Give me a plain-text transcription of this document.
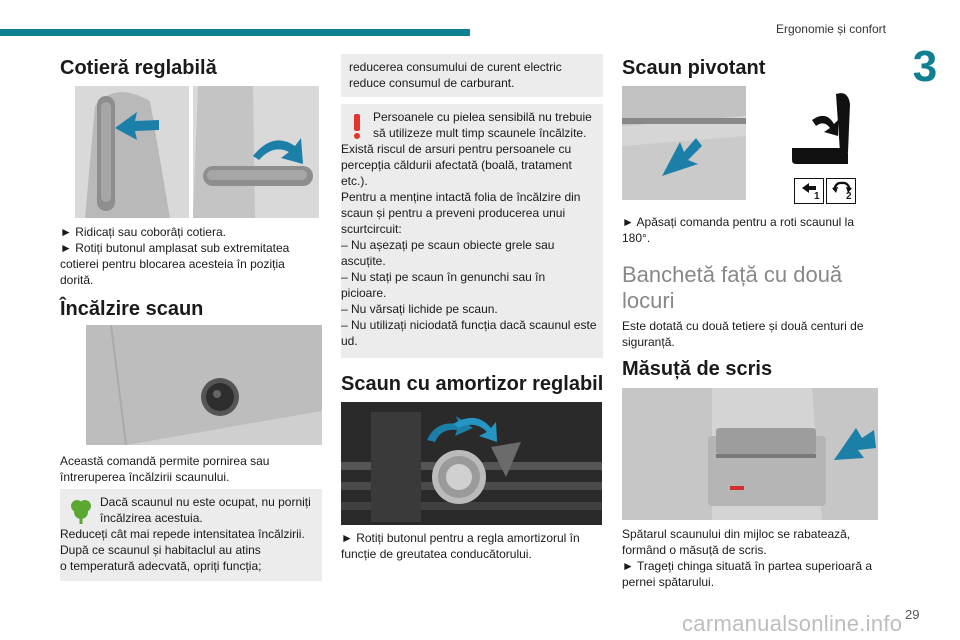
Ergonomie și confort
3
Cotieră reglabilă

► Ridicați sau coborâți cotiera.

► Rotiți butonul amplasat sub extremitatea cotierei pentru blocarea acesteia în poziția dorită.

Încălzire scaun

Această comandă permite pornirea sau întreruperea încălzirii scaunului.

Dacă scaunul nu este ocupat, nu porniți
încălzirea acestuia.
Reduceți cât mai repede intensitatea încălzirii.
După ce scaunul și habitaclul au atins
o temperatură adecvată, opriți funcția;
reducerea consumului de curent electric reduce consumul de carburant.
Persoanele cu pielea sensibilă nu trebuie
să utilizeze mult timp scaunele încălzite.
Există riscul de arsuri pentru persoanele cu percepția căldurii afectată (boală, tratament etc.).
Pentru a menține intactă folia de încălzire din scaun și pentru a preveni producerea unui scurtcircuit:
– Nu așezați pe scaun obiecte grele sau ascuțite.
– Nu stați pe scaun în genunchi sau în picioare.
– Nu vărsați lichide pe scaun.
– Nu utilizați niciodată funcția dacă scaunul este ud.
Scaun cu amortizor reglabil

► Rotiți butonul pentru a regla amortizorul în funcție de greutatea conducătorului.

Scaun pivotant
1	2

► Apăsați comanda pentru a roti scaunul la 180°.

Banchetă față cu două locuri

Este dotată cu două tetiere și două centuri de siguranță.

Măsuță de scris

Spătarul scaunului din mijloc se rabatează, formând o măsuță de scris.

► Trageți chinga situată în partea superioară a pernei spătarului.

carmanualsonline.info 29
